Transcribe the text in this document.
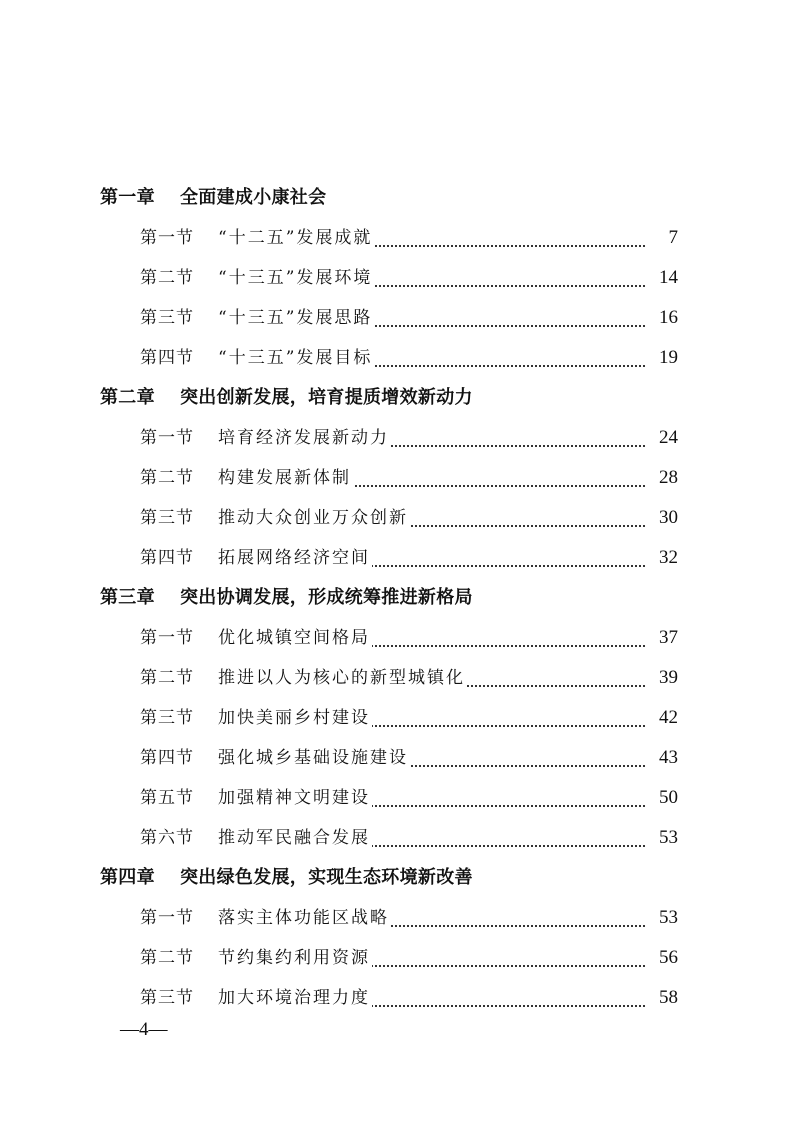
第一章 全面建成小康社会
第一节 “十二五”发展成就	7
第二节 “十三五”发展环境	14
第三节 “十三五”发展思路	16
第四节 “十三五”发展目标	19
第二章 突出创新发展，培育提质增效新动力
第一节 培育经济发展新动力	24
第二节 构建发展新体制	28
第三节 推动大众创业万众创新	30
第四节 拓展网络经济空间	32
第三章 突出协调发展，形成统筹推进新格局
第一节 优化城镇空间格局	37
第二节 推进以人为核心的新型城镇化	39
第三节 加快美丽乡村建设	42
第四节 强化城乡基础设施建设	43
第五节 加强精神文明建设	50
第六节 推动军民融合发展	53
第四章 突出绿色发展，实现生态环境新改善
第一节 落实主体功能区战略	53
第二节 节约集约利用资源	56
第三节 加大环境治理力度	58
—4—
